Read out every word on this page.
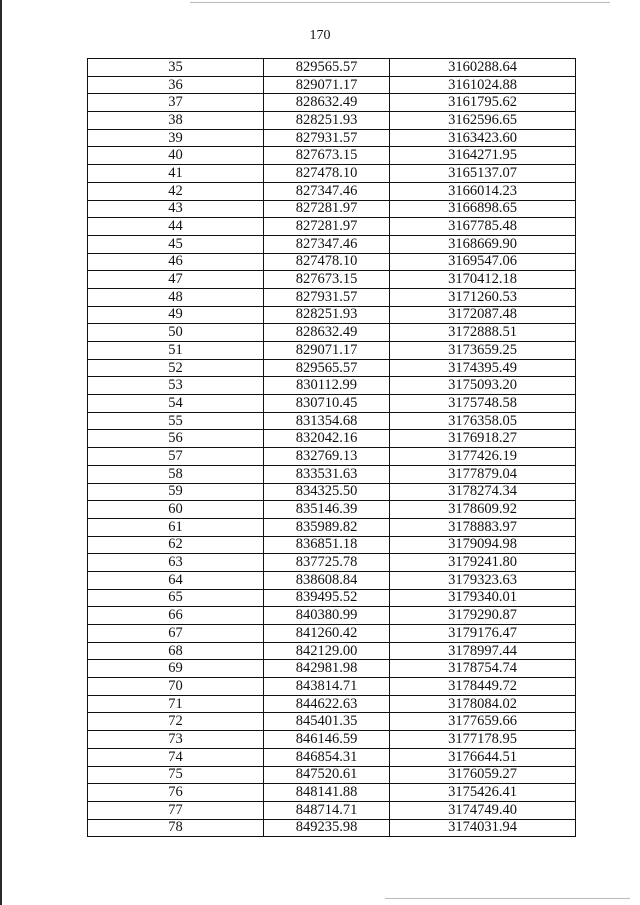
170
35	829565.57	3160288.64
36	829071.17	3161024.88
37	828632.49	3161795.62
38	828251.93	3162596.65
39	827931.57	3163423.60
40	827673.15	3164271.95
41	827478.10	3165137.07
42	827347.46	3166014.23
43	827281.97	3166898.65
44	827281.97	3167785.48
45	827347.46	3168669.90
46	827478.10	3169547.06
47	827673.15	3170412.18
48	827931.57	3171260.53
49	828251.93	3172087.48
50	828632.49	3172888.51
51	829071.17	3173659.25
52	829565.57	3174395.49
53	830112.99	3175093.20
54	830710.45	3175748.58
55	831354.68	3176358.05
56	832042.16	3176918.27
57	832769.13	3177426.19
58	833531.63	3177879.04
59	834325.50	3178274.34
60	835146.39	3178609.92
61	835989.82	3178883.97
62	836851.18	3179094.98
63	837725.78	3179241.80
64	838608.84	3179323.63
65	839495.52	3179340.01
66	840380.99	3179290.87
67	841260.42	3179176.47
68	842129.00	3178997.44
69	842981.98	3178754.74
70	843814.71	3178449.72
71	844622.63	3178084.02
72	845401.35	3177659.66
73	846146.59	3177178.95
74	846854.31	3176644.51
75	847520.61	3176059.27
76	848141.88	3175426.41
77	848714.71	3174749.40
78	849235.98	3174031.94
